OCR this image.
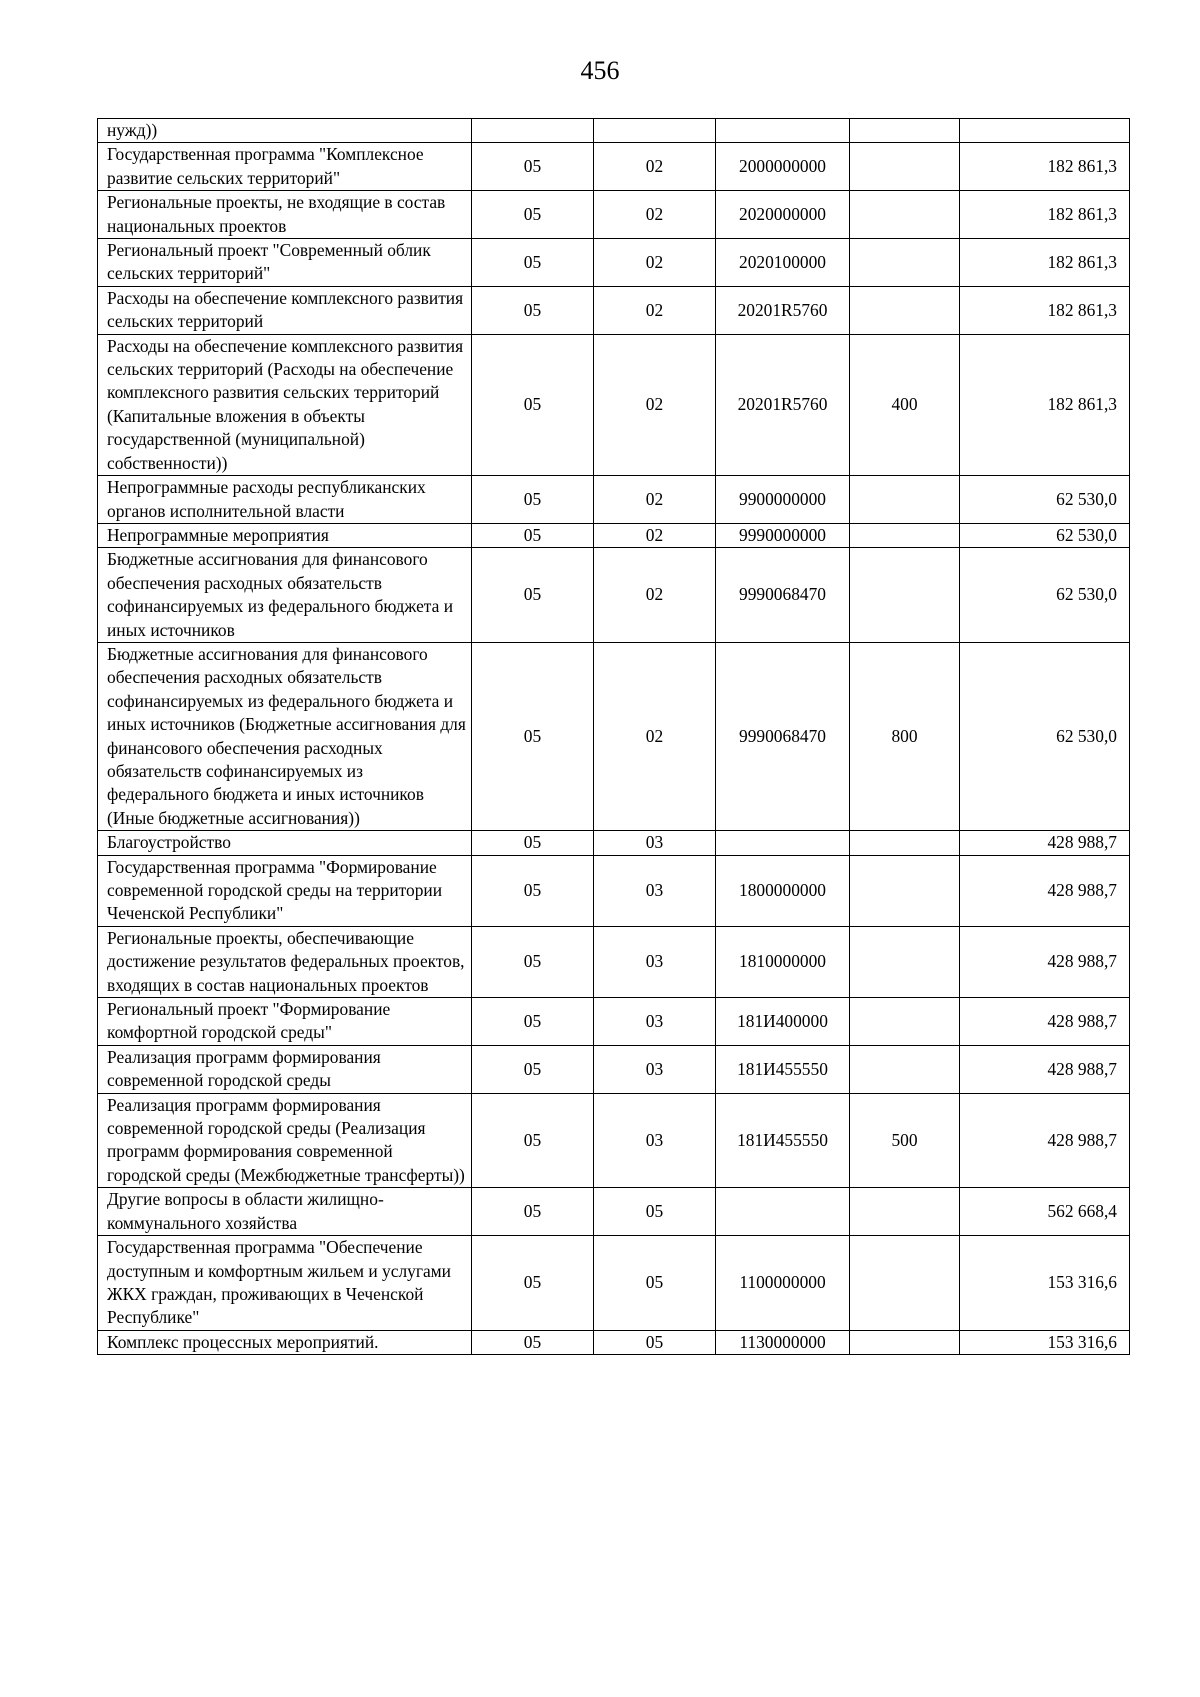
456
нужд))					
Государственная программа "Комплексное развитие сельских территорий"	05	02	2000000000		182 861,3
Региональные проекты, не входящие в состав национальных проектов	05	02	2020000000		182 861,3
Региональный проект "Современный облик сельских территорий"	05	02	2020100000		182 861,3
Расходы на обеспечение комплексного развития сельских территорий	05	02	20201R5760		182 861,3
Расходы на обеспечение комплексного развития сельских территорий (Расходы на обеспечение комплексного развития сельских территорий (Капитальные вложения в объекты государственной (муниципальной) собственности))	05	02	20201R5760	400	182 861,3
Непрограммные расходы республиканских органов исполнительной власти	05	02	9900000000		62 530,0
Непрограммные мероприятия	05	02	9990000000		62 530,0
Бюджетные ассигнования для финансового обеспечения расходных обязательств софинансируемых из федерального бюджета и иных источников	05	02	9990068470		62 530,0
Бюджетные ассигнования для финансового обеспечения расходных обязательств софинансируемых из федерального бюджета и иных источников (Бюджетные ассигнования для финансового обеспечения расходных обязательств софинансируемых из федерального бюджета и иных источников (Иные бюджетные ассигнования))	05	02	9990068470	800	62 530,0
Благоустройство	05	03			428 988,7
Государственная программа "Формирование современной городской среды на территории Чеченской Республики"	05	03	1800000000		428 988,7
Региональные проекты, обеспечивающие достижение результатов федеральных проектов, входящих в состав национальных проектов	05	03	1810000000		428 988,7
Региональный проект "Формирование комфортной городской среды"	05	03	181И400000		428 988,7
Реализация программ формирования современной городской среды	05	03	181И455550		428 988,7
Реализация программ формирования современной городской среды (Реализация программ формирования современной городской среды (Межбюджетные трансферты))	05	03	181И455550	500	428 988,7
Другие вопросы в области жилищно-коммунального хозяйства	05	05			562 668,4
Государственная программа "Обеспечение доступным и комфортным жильем и услугами ЖКХ граждан, проживающих в Чеченской Республике"	05	05	1100000000		153 316,6
Комплекс процессных мероприятий.	05	05	1130000000		153 316,6
